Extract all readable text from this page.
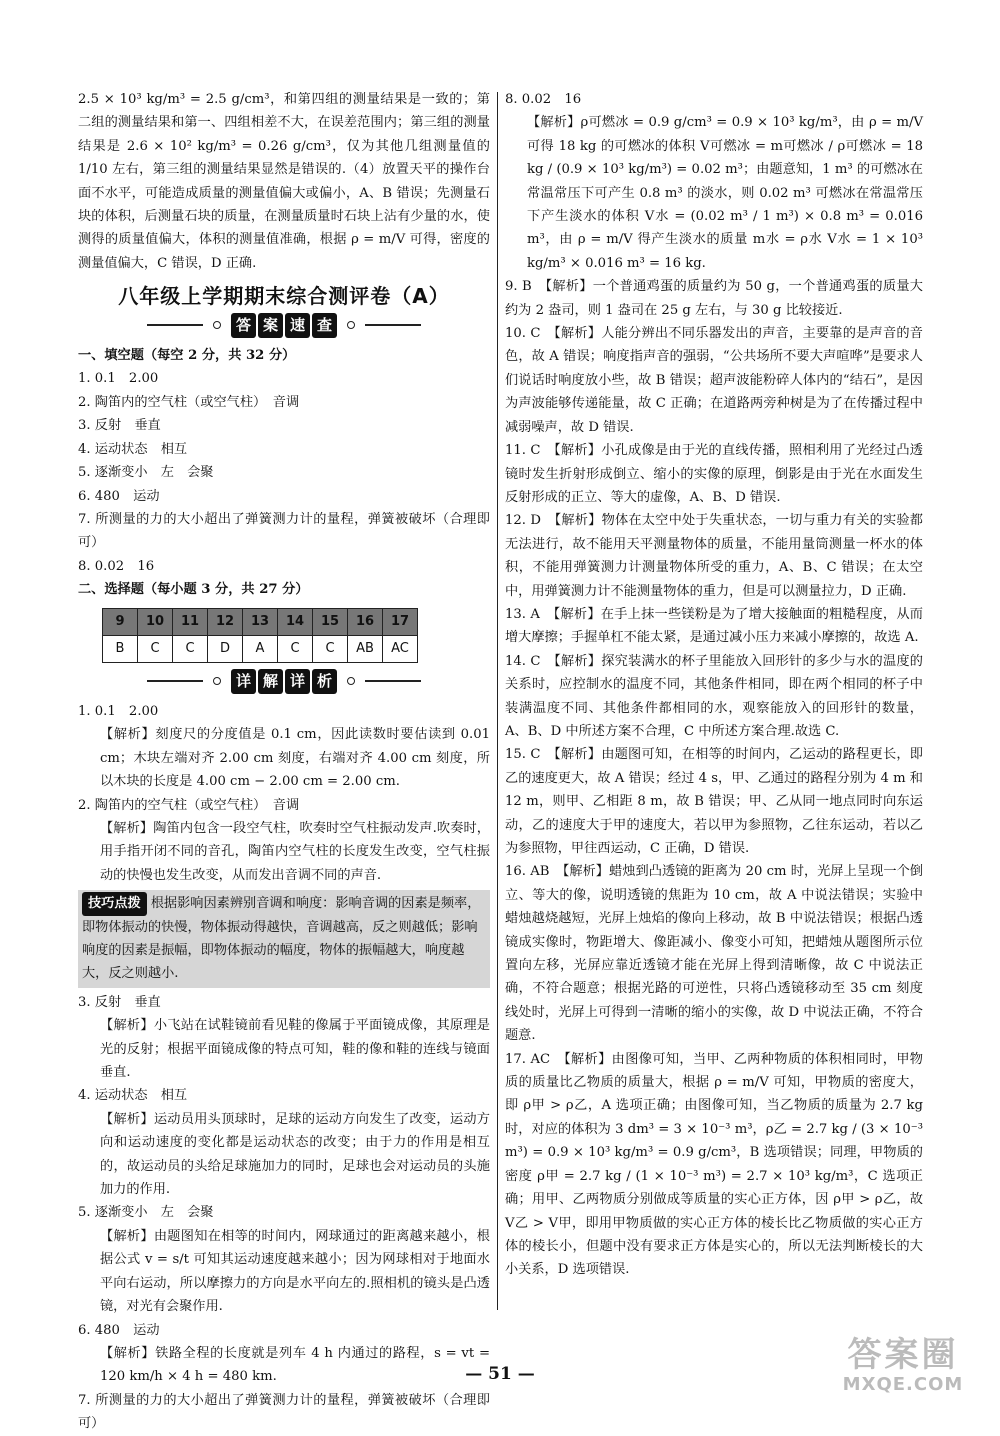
2.5 × 10³ kg/m³ = 2.5 g/cm³，和第四组的测量结果是一致的；第二组的测量结果和第一、四组相差不大，在误差范围内；第三组的测量结果是 2.6 × 10² kg/m³ = 0.26 g/cm³，仅为其他几组测量值的 1/10 左右，第三组的测量结果显然是错误的.（4）放置天平的操作台面不水平，可能造成质量的测量值偏大或偏小，A、B 错误；先测量石块的体积，后测量石块的质量，在测量质量时石块上沾有少量的水，使测得的质量值偏大，体积的测量值准确，根据 ρ = m/V 可得，密度的测量值偏大，C 错误，D 正确.

八年级上学期期末综合测评卷（A）
答 案 速 查

一、填空题（每空 2 分，共 32 分）

1. 0.1　2.00

2. 陶笛内的空气柱（或空气柱）　音调

3. 反射　垂直

4. 运动状态　相互

5. 逐渐变小　左　会聚

6. 480　运动

7. 所测量的力的大小超出了弹簧测力计的量程，弹簧被破坏（合理即可）

8. 0.02　16

二、选择题（每小题 3 分，共 27 分）

9	10	11	12	13	14	15	16	17
B	C	C	D	A	C	C	AB	AC
详 解 详 析

1. 0.1　2.00

【解析】刻度尺的分度值是 0.1 cm，因此读数时要估读到 0.01 cm；木块左端对齐 2.00 cm 刻度，右端对齐 4.00 cm 刻度，所以木块的长度是 4.00 cm − 2.00 cm = 2.00 cm.

2. 陶笛内的空气柱（或空气柱）　音调

【解析】陶笛内包含一段空气柱，吹奏时空气柱振动发声.吹奏时，用手指开闭不同的音孔，陶笛内空气柱的长度发生改变，空气柱振动的快慢也发生改变，从而发出音调不同的声音.

技巧点拨 根据影响因素辨别音调和响度：影响音调的因素是频率，即物体振动的快慢，物体振动得越快，音调越高，反之则越低；影响响度的因素是振幅，即物体振动的幅度，物体的振幅越大，响度越大，反之则越小.

3. 反射　垂直

【解析】小飞站在试鞋镜前看见鞋的像属于平面镜成像，其原理是光的反射；根据平面镜成像的特点可知，鞋的像和鞋的连线与镜面垂直.

4. 运动状态　相互

【解析】运动员用头顶球时，足球的运动方向发生了改变，运动方向和运动速度的变化都是运动状态的改变；由于力的作用是相互的，故运动员的头给足球施加力的同时，足球也会对运动员的头施加力的作用.

5. 逐渐变小　左　会聚

【解析】由题图知在相等的时间内，网球通过的距离越来越小，根据公式 v = s/t 可知其运动速度越来越小；因为网球相对于地面水平向右运动，所以摩擦力的方向是水平向左的.照相机的镜头是凸透镜，对光有会聚作用.

6. 480　运动

【解析】铁路全程的长度就是列车 4 h 内通过的路程，s = vt = 120 km/h × 4 h = 480 km.

7. 所测量的力的大小超出了弹簧测力计的量程，弹簧被破坏（合理即可）

8. 0.02　16

【解析】ρ可燃冰 = 0.9 g/cm³ = 0.9 × 10³ kg/m³，由 ρ = m/V 可得 18 kg 的可燃冰的体积 V可燃冰 = m可燃冰 / ρ可燃冰 = 18 kg / (0.9 × 10³ kg/m³) = 0.02 m³；由题意知，1 m³ 的可燃冰在常温常压下可产生 0.8 m³ 的淡水，则 0.02 m³ 可燃冰在常温常压下产生淡水的体积 V水 = (0.02 m³ / 1 m³) × 0.8 m³ = 0.016 m³，由 ρ = m/V 得产生淡水的质量 m水 = ρ水 V水 = 1 × 10³ kg/m³ × 0.016 m³ = 16 kg.

9. B　【解析】一个普通鸡蛋的质量约为 50 g，一个普通鸡蛋的质量大约为 2 盎司，则 1 盎司在 25 g 左右，与 30 g 比较接近.

10. C　【解析】人能分辨出不同乐器发出的声音，主要靠的是声音的音色，故 A 错误；响度指声音的强弱，“公共场所不要大声喧哗”是要求人们说话时响度放小些，故 B 错误；超声波能粉碎人体内的“结石”，是因为声波能够传递能量，故 C 正确；在道路两旁种树是为了在传播过程中减弱噪声，故 D 错误.

11. C　【解析】小孔成像是由于光的直线传播，照相利用了光经过凸透镜时发生折射形成倒立、缩小的实像的原理，倒影是由于光在水面发生反射形成的正立、等大的虚像，A、B、D 错误.

12. D　【解析】物体在太空中处于失重状态，一切与重力有关的实验都无法进行，故不能用天平测量物体的质量，不能用量筒测量一杯水的体积，不能用弹簧测力计测量物体所受的重力，A、B、C 错误；在太空中，用弹簧测力计不能测量物体的重力，但是可以测量拉力，D 正确.

13. A　【解析】在手上抹一些镁粉是为了增大接触面的粗糙程度，从而增大摩擦；手握单杠不能太紧，是通过减小压力来减小摩擦的，故选 A.

14. C　【解析】探究装满水的杯子里能放入回形针的多少与水的温度的关系时，应控制水的温度不同，其他条件相同，即在两个相同的杯子中装满温度不同、其他条件都相同的水，观察能放入的回形针的数量，A、B、D 中所述方案不合理，C 中所述方案合理.故选 C.

15. C　【解析】由题图可知，在相等的时间内，乙运动的路程更长，即乙的速度更大，故 A 错误；经过 4 s，甲、乙通过的路程分别为 4 m 和 12 m，则甲、乙相距 8 m，故 B 错误；甲、乙从同一地点同时向东运动，乙的速度大于甲的速度大，若以甲为参照物，乙往东运动，若以乙为参照物，甲往西运动，C 正确，D 错误.

16. AB　【解析】蜡烛到凸透镜的距离为 20 cm 时，光屏上呈现一个倒立、等大的像，说明透镜的焦距为 10 cm，故 A 中说法错误；实验中蜡烛越烧越短，光屏上烛焰的像向上移动，故 B 中说法错误；根据凸透镜成实像时，物距增大、像距减小、像变小可知，把蜡烛从题图所示位置向左移，光屏应靠近透镜才能在光屏上得到清晰像，故 C 中说法正确，不符合题意；根据光路的可逆性，只将凸透镜移动至 35 cm 刻度线处时，光屏上可得到一清晰的缩小的实像，故 D 中说法正确，不符合题意.

17. AC　【解析】由图像可知，当甲、乙两种物质的体积相同时，甲物质的质量比乙物质的质量大，根据 ρ = m/V 可知，甲物质的密度大，即 ρ甲 > ρ乙，A 选项正确；由图像可知，当乙物质的质量为 2.7 kg 时，对应的体积为 3 dm³ = 3 × 10⁻³ m³，ρ乙 = 2.7 kg / (3 × 10⁻³ m³) = 0.9 × 10³ kg/m³ = 0.9 g/cm³，B 选项错误；同理，甲物质的密度 ρ甲 = 2.7 kg / (1 × 10⁻³ m³) = 2.7 × 10³ kg/m³，C 选项正确；用甲、乙两物质分别做成等质量的实心正方体，因 ρ甲 > ρ乙，故 V乙 > V甲，即用甲物质做的实心正方体的棱长比乙物质做的实心正方体的棱长小，但题中没有要求正方体是实心的，所以无法判断棱长的大小关系，D 选项错误.

— 51 —	答案圈
MXQE.COM
